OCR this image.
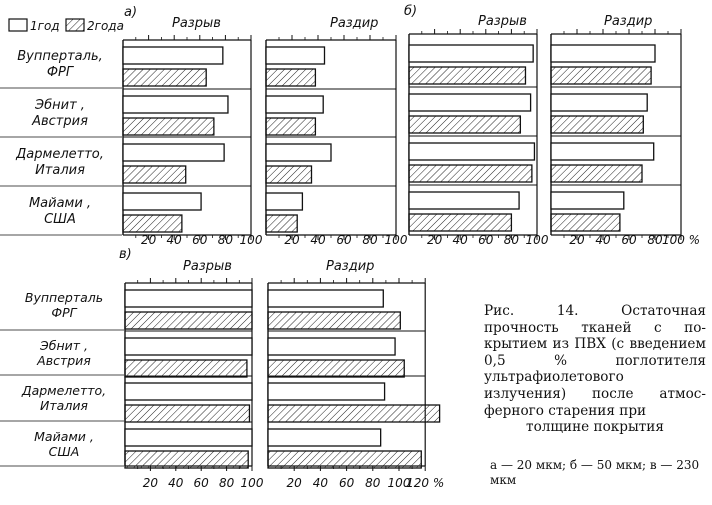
20 40 60 80 100
Разрыв
20 40 60 80 100
Раздир
20 40 60 80 100
Разрыв
20 40 60 80 100 %
Раздир
20 40 60 80 100
Разрыв
20 40 60 80 100
120 %
Раздир
Вупперталь,
ФРГ
Эбнит ,
Австрия
Дармелетто,
Италия
Майами ,
США
Вупперталь
ФРГ
Эбнит ,
Австрия
Дармелетто,
Италия
Майами ,
США
1год 2года
а)	б)
в)
Рис. 14. Остаточная прочность тканей с покрытием из ПВХ (с введением 0,5 % поглотителя ультрафиолетового излучения) после атмосферного старения при
толщине покрытия
а — 20 мкм; б — 50 мкм; в — 230 мкм
